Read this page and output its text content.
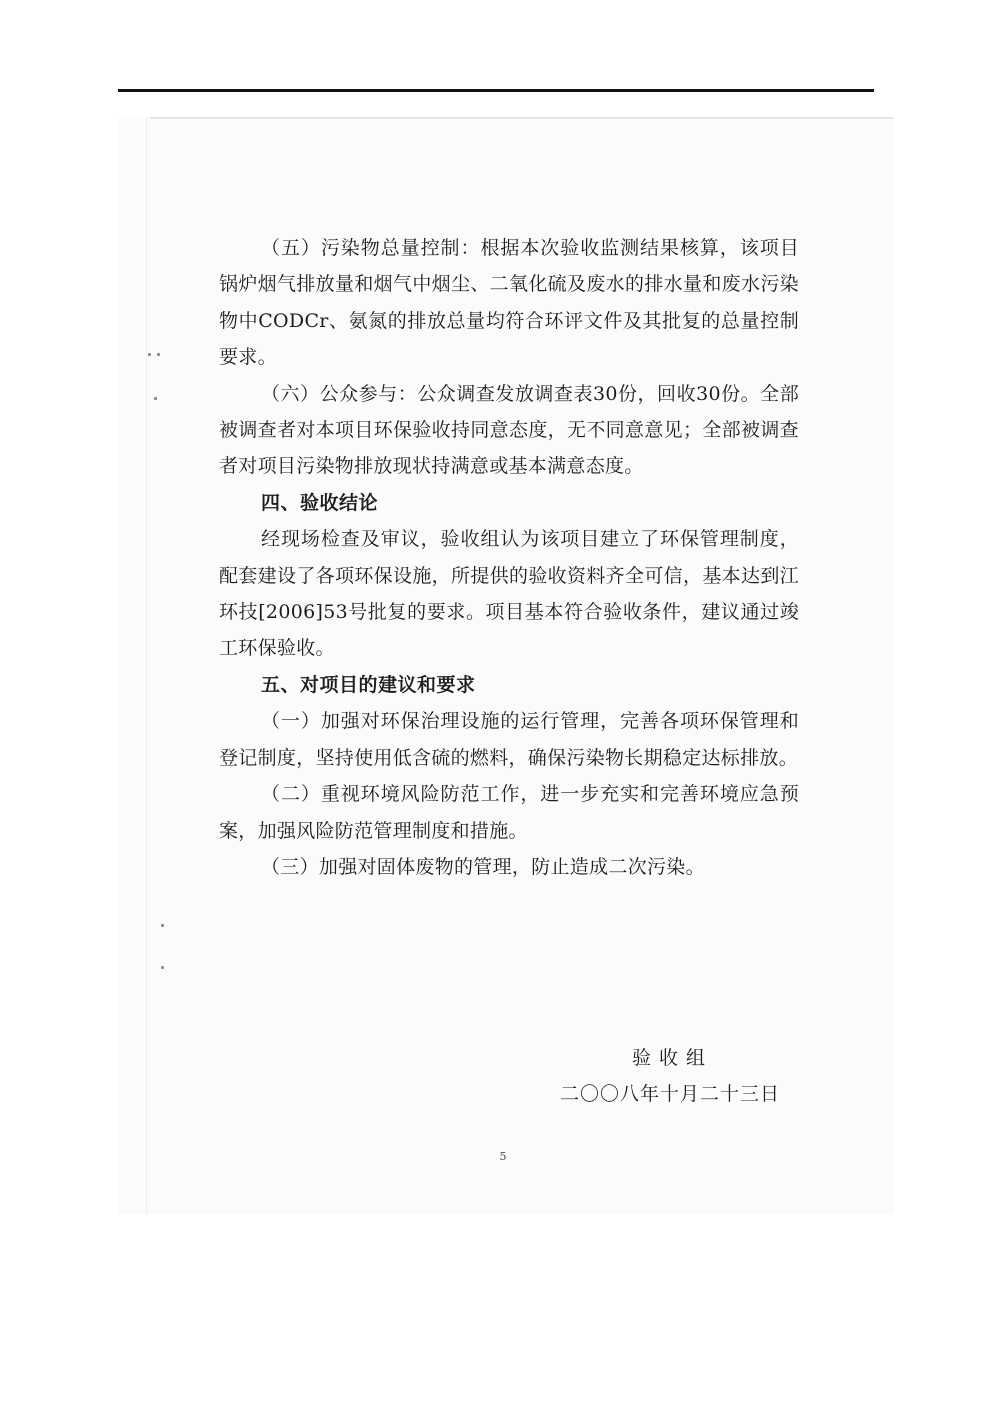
（五）污染物总量控制：根据本次验收监测结果核算，该项目锅炉烟气排放量和烟气中烟尘、二氧化硫及废水的排水量和废水污染物中CODCr、氨氮的排放总量均符合环评文件及其批复的总量控制要求。

（六）公众参与：公众调查发放调查表30份，回收30份。全部被调查者对本项目环保验收持同意态度，无不同意意见；全部被调查者对项目污染物排放现状持满意或基本满意态度。

四、验收结论

经现场检查及审议，验收组认为该项目建立了环保管理制度，配套建设了各项环保设施，所提供的验收资料齐全可信，基本达到江环技[2006]53号批复的要求。项目基本符合验收条件，建议通过竣工环保验收。

五、对项目的建议和要求

（一）加强对环保治理设施的运行管理，完善各项环保管理和登记制度，坚持使用低含硫的燃料，确保污染物长期稳定达标排放。

（二）重视环境风险防范工作，进一步充实和完善环境应急预案，加强风险防范管理制度和措施。

（三）加强对固体废物的管理，防止造成二次污染。

验收组

二〇〇八年十月二十三日

5
